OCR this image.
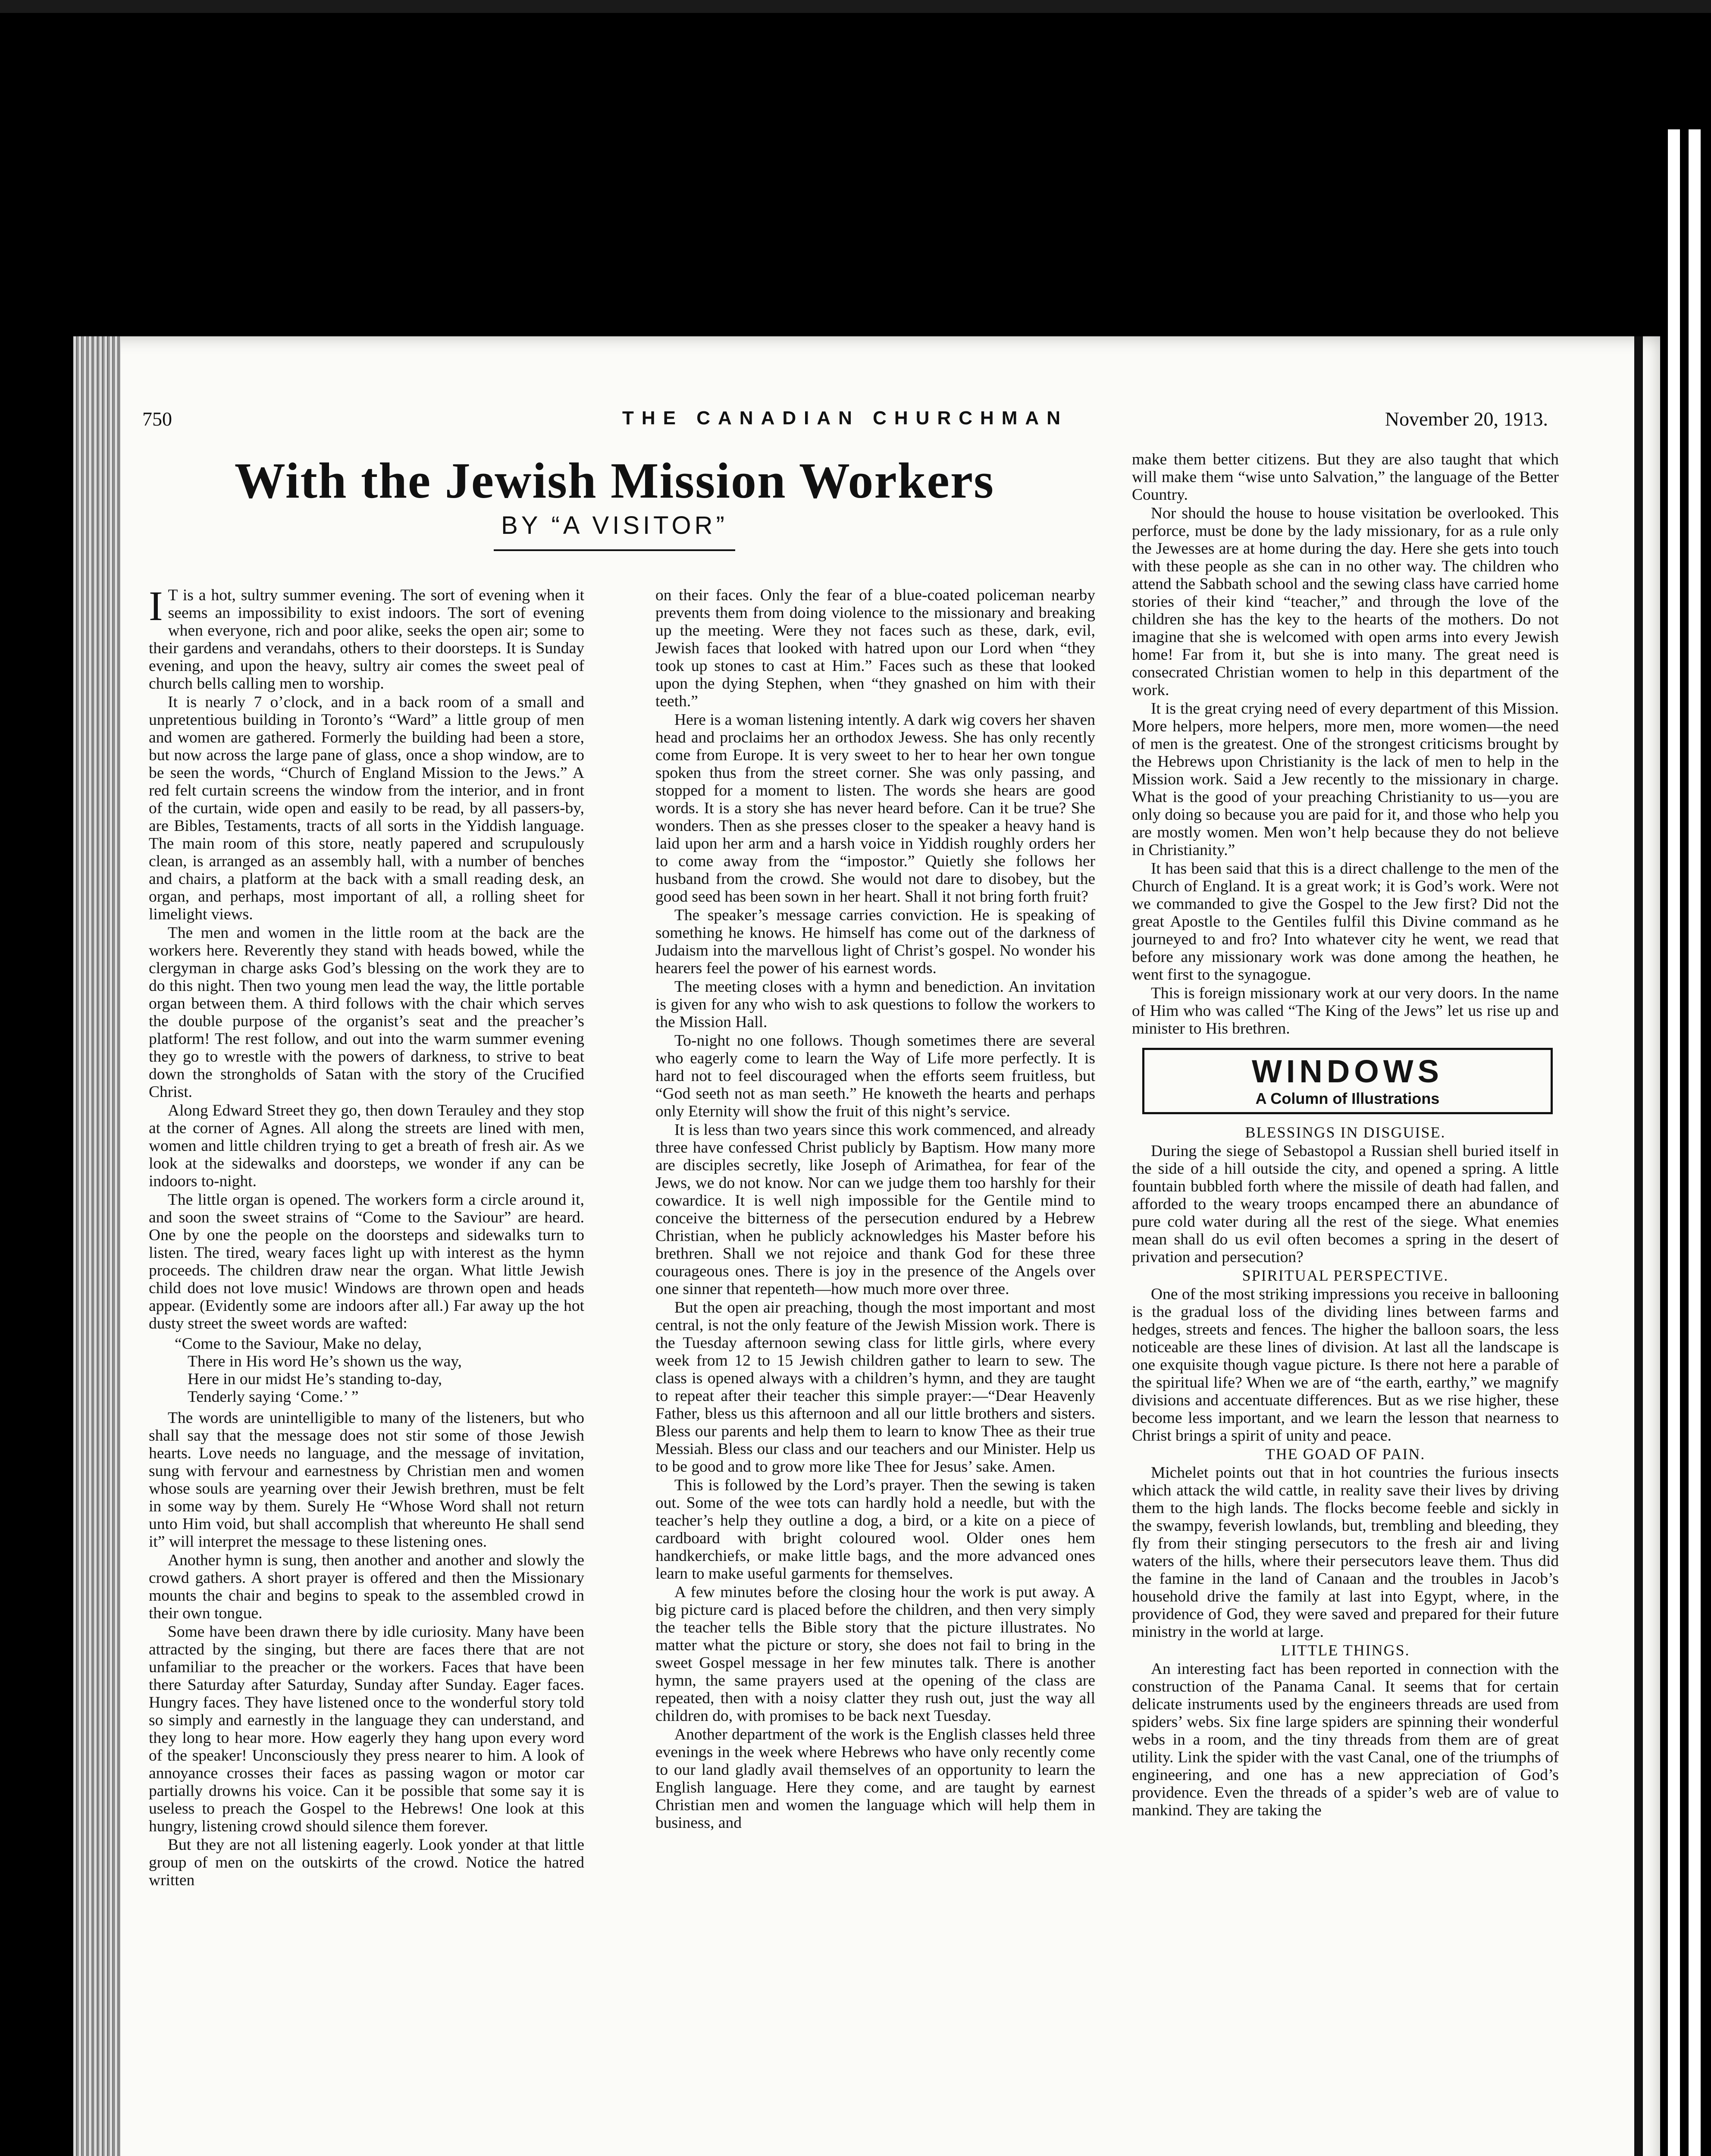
750	THE CANADIAN CHURCHMAN	November 20, 1913.
With the Jewish Mission Workers
BY “A VISITOR”

I T is a hot, sultry summer evening. The sort of evening when it seems an impossibility to exist indoors. The sort of evening when everyone, rich and poor alike, seeks the open air; some to their gardens and verandahs, others to their doorsteps. It is Sunday evening, and upon the heavy, sultry air comes the sweet peal of church bells calling men to worship.

It is nearly 7 o’clock, and in a back room of a small and unpretentious building in Toronto’s “Ward” a little group of men and women are gathered. Formerly the building had been a store, but now across the large pane of glass, once a shop window, are to be seen the words, “Church of England Mission to the Jews.” A red felt curtain screens the window from the interior, and in front of the curtain, wide open and easily to be read, by all passers-by, are Bibles, Testaments, tracts of all sorts in the Yiddish language. The main room of this store, neatly papered and scrupulously clean, is arranged as an assembly hall, with a number of benches and chairs, a platform at the back with a small reading desk, an organ, and perhaps, most important of all, a rolling sheet for limelight views.

The men and women in the little room at the back are the workers here. Reverently they stand with heads bowed, while the clergyman in charge asks God’s blessing on the work they are to do this night. Then two young men lead the way, the little portable organ between them. A third follows with the chair which serves the double purpose of the organist’s seat and the preacher’s platform! The rest follow, and out into the warm summer evening they go to wrestle with the powers of darkness, to strive to beat down the strongholds of Satan with the story of the Crucified Christ.

Along Edward Street they go, then down Terauley and they stop at the corner of Agnes. All along the streets are lined with men, women and little children trying to get a breath of fresh air. As we look at the sidewalks and doorsteps, we wonder if any can be indoors to-night.

The little organ is opened. The workers form a circle around it, and soon the sweet strains of “Come to the Saviour” are heard. One by one the people on the doorsteps and sidewalks turn to listen. The tired, weary faces light up with interest as the hymn proceeds. The children draw near the organ. What little Jewish child does not love music! Windows are thrown open and heads appear. (Evidently some are indoors after all.) Far away up the hot dusty street the sweet words are wafted:

“Come to the Saviour, Make no delay,
There in His word He’s shown us the way,
Here in our midst He’s standing to-day,
Tenderly saying ‘Come.’ ”

The words are unintelligible to many of the listeners, but who shall say that the message does not stir some of those Jewish hearts. Love needs no language, and the message of invitation, sung with fervour and earnestness by Christian men and women whose souls are yearning over their Jewish brethren, must be felt in some way by them. Surely He “Whose Word shall not return unto Him void, but shall accomplish that whereunto He shall send it” will interpret the message to these listening ones.

Another hymn is sung, then another and another and slowly the crowd gathers. A short prayer is offered and then the Missionary mounts the chair and begins to speak to the assembled crowd in their own tongue.

Some have been drawn there by idle curiosity. Many have been attracted by the singing, but there are faces there that are not unfamiliar to the preacher or the workers. Faces that have been there Saturday after Saturday, Sunday after Sunday. Eager faces. Hungry faces. They have listened once to the wonderful story told so simply and earnestly in the language they can understand, and they long to hear more. How eagerly they hang upon every word of the speaker! Unconsciously they press nearer to him. A look of annoyance crosses their faces as passing wagon or motor car partially drowns his voice. Can it be possible that some say it is useless to preach the Gospel to the Hebrews! One look at this hungry, listening crowd should silence them forever.

But they are not all listening eagerly. Look yonder at that little group of men on the outskirts of the crowd. Notice the hatred written

on their faces. Only the fear of a blue-coated policeman nearby prevents them from doing violence to the missionary and breaking up the meeting. Were they not faces such as these, dark, evil, Jewish faces that looked with hatred upon our Lord when “they took up stones to cast at Him.” Faces such as these that looked upon the dying Stephen, when “they gnashed on him with their teeth.”

Here is a woman listening intently. A dark wig covers her shaven head and proclaims her an orthodox Jewess. She has only recently come from Europe. It is very sweet to her to hear her own tongue spoken thus from the street corner. She was only passing, and stopped for a moment to listen. The words she hears are good words. It is a story she has never heard before. Can it be true? She wonders. Then as she presses closer to the speaker a heavy hand is laid upon her arm and a harsh voice in Yiddish roughly orders her to come away from the “impostor.” Quietly she follows her husband from the crowd. She would not dare to disobey, but the good seed has been sown in her heart. Shall it not bring forth fruit?

The speaker’s message carries conviction. He is speaking of something he knows. He himself has come out of the darkness of Judaism into the marvellous light of Christ’s gospel. No wonder his hearers feel the power of his earnest words.

The meeting closes with a hymn and benediction. An invitation is given for any who wish to ask questions to follow the workers to the Mission Hall.

To-night no one follows. Though sometimes there are several who eagerly come to learn the Way of Life more perfectly. It is hard not to feel discouraged when the efforts seem fruitless, but “God seeth not as man seeth.” He knoweth the hearts and perhaps only Eternity will show the fruit of this night’s service.

It is less than two years since this work commenced, and already three have confessed Christ publicly by Baptism. How many more are disciples secretly, like Joseph of Arimathea, for fear of the Jews, we do not know. Nor can we judge them too harshly for their cowardice. It is well nigh impossible for the Gentile mind to conceive the bitterness of the persecution endured by a Hebrew Christian, when he publicly acknowledges his Master before his brethren. Shall we not rejoice and thank God for these three courageous ones. There is joy in the presence of the Angels over one sinner that repenteth—how much more over three.

But the open air preaching, though the most important and most central, is not the only feature of the Jewish Mission work. There is the Tuesday afternoon sewing class for little girls, where every week from 12 to 15 Jewish children gather to learn to sew. The class is opened always with a children’s hymn, and they are taught to repeat after their teacher this simple prayer:—“Dear Heavenly Father, bless us this afternoon and all our little brothers and sisters. Bless our parents and help them to learn to know Thee as their true Messiah. Bless our class and our teachers and our Minister. Help us to be good and to grow more like Thee for Jesus’ sake. Amen.

This is followed by the Lord’s prayer. Then the sewing is taken out. Some of the wee tots can hardly hold a needle, but with the teacher’s help they outline a dog, a bird, or a kite on a piece of cardboard with bright coloured wool. Older ones hem handkerchiefs, or make little bags, and the more advanced ones learn to make useful garments for themselves.

A few minutes before the closing hour the work is put away. A big picture card is placed before the children, and then very simply the teacher tells the Bible story that the picture illustrates. No matter what the picture or story, she does not fail to bring in the sweet Gospel message in her few minutes talk. There is another hymn, the same prayers used at the opening of the class are repeated, then with a noisy clatter they rush out, just the way all children do, with promises to be back next Tuesday.

Another department of the work is the English classes held three evenings in the week where Hebrews who have only recently come to our land gladly avail themselves of an opportunity to learn the English language. Here they come, and are taught by earnest Christian men and women the language which will help them in business, and

make them better citizens. But they are also taught that which will make them “wise unto Salvation,” the language of the Better Country.

Nor should the house to house visitation be overlooked. This perforce, must be done by the lady missionary, for as a rule only the Jewesses are at home during the day. Here she gets into touch with these people as she can in no other way. The children who attend the Sabbath school and the sewing class have carried home stories of their kind “teacher,” and through the love of the children she has the key to the hearts of the mothers. Do not imagine that she is welcomed with open arms into every Jewish home! Far from it, but she is into many. The great need is consecrated Christian women to help in this department of the work.

It is the great crying need of every department of this Mission. More helpers, more helpers, more men, more women—the need of men is the greatest. One of the strongest criticisms brought by the Hebrews upon Christianity is the lack of men to help in the Mission work. Said a Jew recently to the missionary in charge. What is the good of your preaching Christianity to us—you are only doing so because you are paid for it, and those who help you are mostly women. Men won’t help because they do not believe in Christianity.”

It has been said that this is a direct challenge to the men of the Church of England. It is a great work; it is God’s work. Were not we commanded to give the Gospel to the Jew first? Did not the great Apostle to the Gentiles fulfil this Divine command as he journeyed to and fro? Into whatever city he went, we read that before any missionary work was done among the heathen, he went first to the synagogue.

This is foreign missionary work at our very doors. In the name of Him who was called “The King of the Jews” let us rise up and minister to His brethren.

WINDOWS
A Column of Illustrations

BLESSINGS IN DISGUISE.

During the siege of Sebastopol a Russian shell buried itself in the side of a hill outside the city, and opened a spring. A little fountain bubbled forth where the missile of death had fallen, and afforded to the weary troops encamped there an abundance of pure cold water during all the rest of the siege. What enemies mean shall do us evil often becomes a spring in the desert of privation and persecution?

SPIRITUAL PERSPECTIVE.

One of the most striking impressions you receive in ballooning is the gradual loss of the dividing lines between farms and hedges, streets and fences. The higher the balloon soars, the less noticeable are these lines of division. At last all the landscape is one exquisite though vague picture. Is there not here a parable of the spiritual life? When we are of “the earth, earthy,” we magnify divisions and accentuate differences. But as we rise higher, these become less important, and we learn the lesson that nearness to Christ brings a spirit of unity and peace.

THE GOAD OF PAIN.

Michelet points out that in hot countries the furious insects which attack the wild cattle, in reality save their lives by driving them to the high lands. The flocks become feeble and sickly in the swampy, feverish lowlands, but, trembling and bleeding, they fly from their stinging persecutors to the fresh air and living waters of the hills, where their persecutors leave them. Thus did the famine in the land of Canaan and the troubles in Jacob’s household drive the family at last into Egypt, where, in the providence of God, they were saved and prepared for their future ministry in the world at large.

LITTLE THINGS.

An interesting fact has been reported in connection with the construction of the Panama Canal. It seems that for certain delicate instruments used by the engineers threads are used from spiders’ webs. Six fine large spiders are spinning their wonderful webs in a room, and the tiny threads from them are of great utility. Link the spider with the vast Canal, one of the triumphs of engineering, and one has a new appreciation of God’s providence. Even the threads of a spider’s web are of value to mankind. They are taking the
